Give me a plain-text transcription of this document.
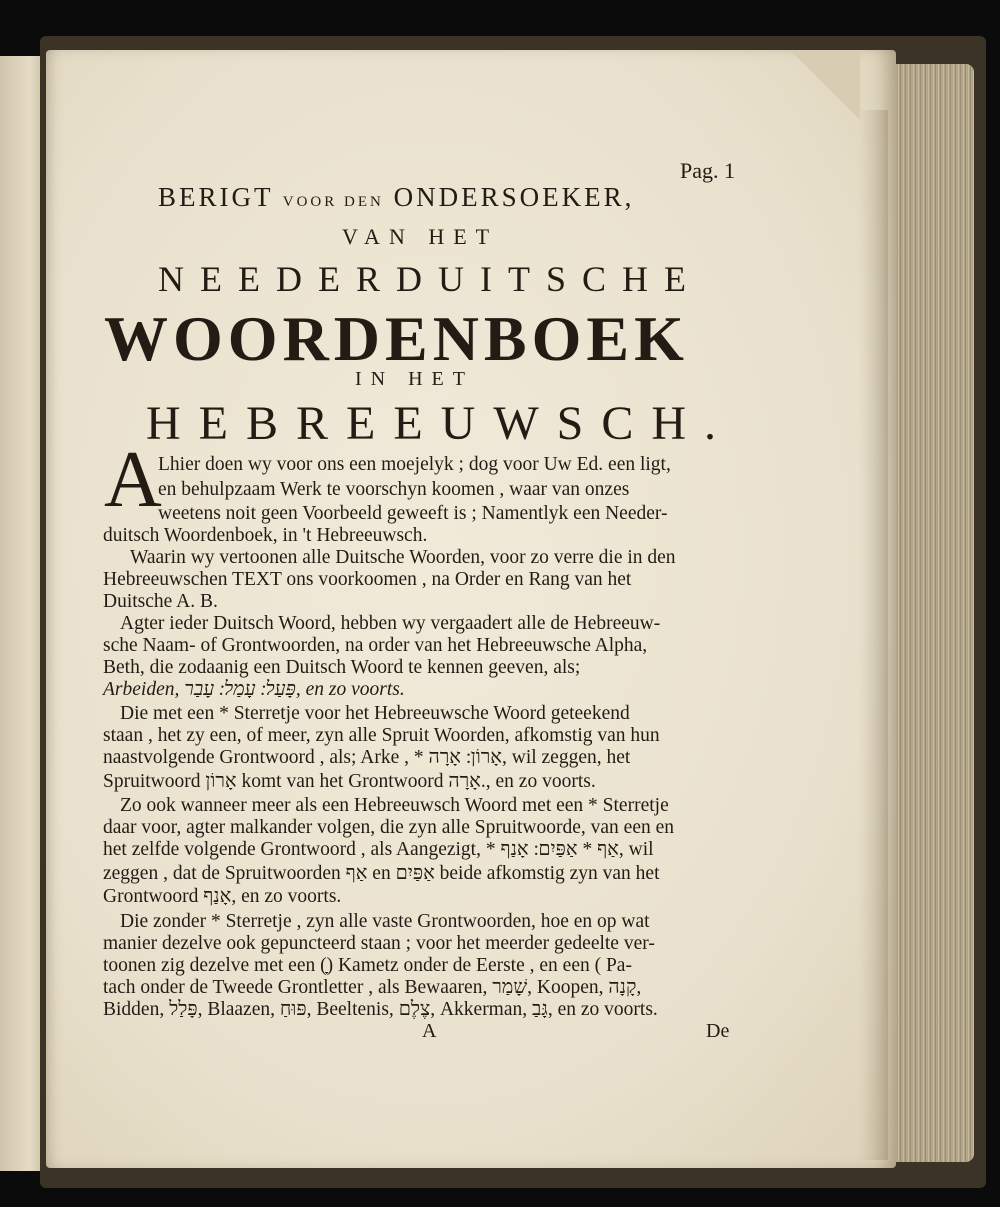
Pag. 1
BERIGT VOOR DEN ONDERSOEKER,
VAN HET
NEEDERDUITSCHE
WOORDENBOEK
IN HET
HEBREEUWSCH.
A
Lhier doen wy voor ons een moejelyk ; dog voor Uw Ed. een ligt,
en behulpzaam Werk te voorschyn koomen , waar van onzes
weetens noit geen Voorbeeld geweeft is ; Namentlyk een Needer-
duitsch Woordenboek, in 't Hebreeuwsch.
Waarin wy vertoonen alle Duitsche Woorden, voor zo verre die in den
Hebreeuwschen TEXT ons voorkoomen , na Order en Rang van het
Duitsche A. B.
Agter ieder Duitsch Woord, hebben wy vergaadert alle de Hebreeuw-
sche Naam- of Grontwoorden, na order van het Hebreeuwsche Alpha,
Beth, die zodaanig een Duitsch Woord te kennen geeven, als;
Arbeiden, פָּעַל ׃ עָמַל ׃ עָבַר, en zo voorts.
Die met een * Sterretje voor het Hebreeuwsche Woord geteekend
staan , het zy een, of meer, zyn alle Spruit Woorden, afkomstig van hun
naastvolgende Grontwoord , als; Arke , * אָרוֹן ׃ אָרָה, wil zeggen, het
Spruitwoord אָרוֹן komt van het Grontwoord אָרָה., en zo voorts.
Zo ook wanneer meer als een Hebreeuwsch Woord met een * Sterretje
daar voor, agter malkander volgen, die zyn alle Spruitwoorde, van een en
het zelfde volgende Grontwoord , als Aangezigt, * אַף * אַפַּיִם ׃ אָנַף, wil
zeggen , dat de Spruitwoorden אַף en אַפַּיִם beide afkomstig zyn van het
Grontwoord אָנַף, en zo voorts.
Die zonder * Sterretje , zyn alle vaste Grontwoorden, hoe en op wat
manier dezelve ook gepuncteerd staan ; voor het meerder gedeelte ver-
toonen zig dezelve met een (ָ) Kametz onder de Eerste , en een ( Pa-
tach onder de Tweede Grontletter , als Bewaaren, שָׁמַר, Koopen, קָנָה,
Bidden, פָּלַל, Blaazen, פּוּחַ, Beeltenis, צֶלֶם, Akkerman, גָּבַ, en zo voorts.
A	De
